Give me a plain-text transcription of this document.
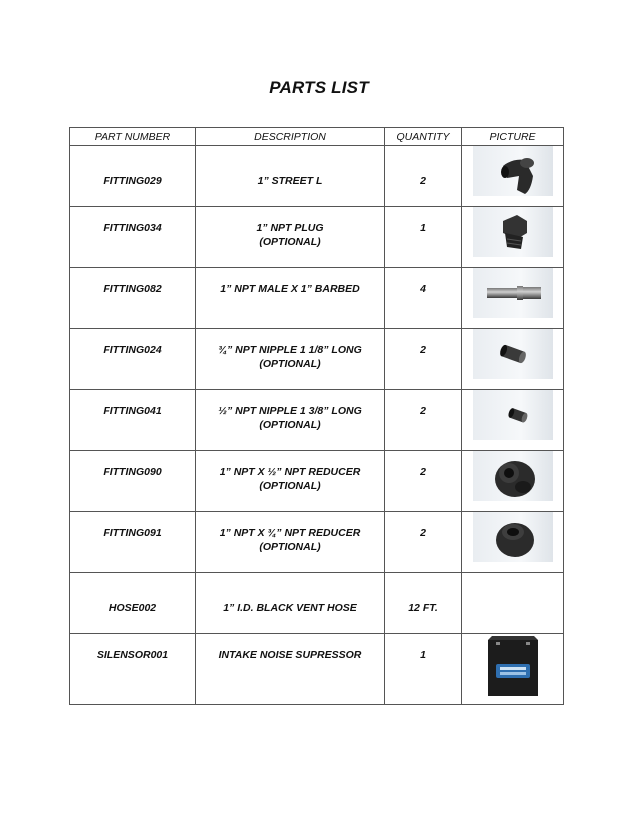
PARTS LIST
PART NUMBER	DESCRIPTION	QUANTITY	PICTURE

FITTING029	1” STREET L	2

FITTING034	1” NPT PLUG
(OPTIONAL)	1

FITTING082	1” NPT MALE X 1” BARBED	4

FITTING024	¾” NPT NIPPLE 1 1/8” LONG
(OPTIONAL)	2

FITTING041	½” NPT NIPPLE 1 3/8” LONG
(OPTIONAL)	2

FITTING090	1” NPT X ½” NPT REDUCER
(OPTIONAL)	2

FITTING091	1” NPT X ¾” NPT REDUCER
(OPTIONAL)	2

HOSE002	1” I.D. BLACK VENT HOSE	12 FT.	

SILENSOR001	INTAKE NOISE SUPRESSOR	1
